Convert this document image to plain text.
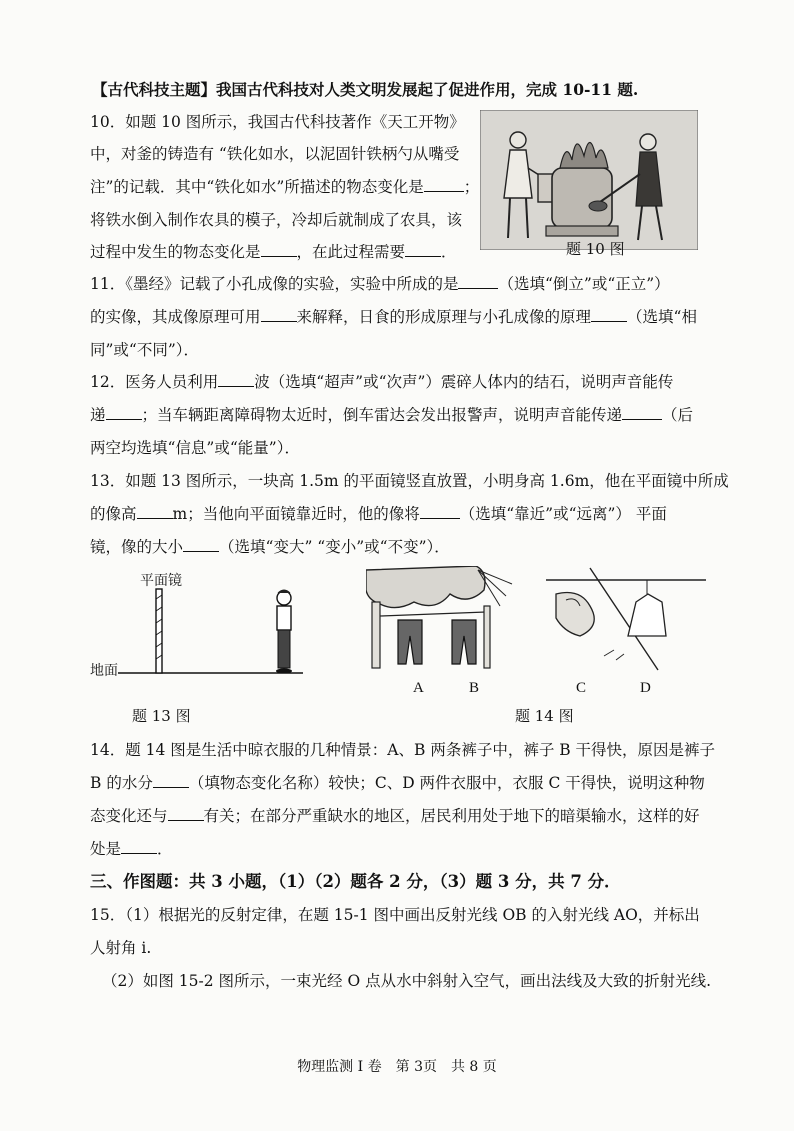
【古代科技主题】我国古代科技对人类文明发展起了促进作用，完成 10-11 题.
10．如题 10 图所示，我国古代科技著作《天工开物》
中，对釜的铸造有 “铁化如水，以泥固针铁柄勺从嘴受
注”的记载．其中“铁化如水”所描述的物态变化是	；
将铁水倒入制作农具的模子，冷却后就制成了农具，该
过程中发生的物态变化是 ，在此过程需要 ．	题 10 图
11．《墨经》记载了小孔成像的实验，实验中所成的是	（选填“倒立”或“正立”）
的实像，其成像原理可用 来解释，日食的形成原理与小孔成像的原理 （选填“相
同”或“不同”）．
12．医务人员利用 波（选填“超声”或“次声”）震碎人体内的结石，说明声音能传
递 ；当车辆距离障碍物太近时，倒车雷达会发出报警声，说明声音能传递	（后
两空均选填“信息”或“能量”）．
13．如题 13 图所示，一块高 1.5m 的平面镜竖直放置，小明身高 1.6m，他在平面镜中所成
的像高 m；当他向平面镜靠近时，他的像将	（选填“靠近”或“远离”） 平面
镜，像的大小 （选填“变大” “变小”或“不变”）．
平面镜
地面
题 13 图
A	B	C	D
题 14 图
14．题 14 图是生活中晾衣服的几种情景：A、B 两条裤子中，裤子 B 干得快，原因是裤子
B 的水分 （填物态变化名称）较快；C、D 两件衣服中，衣服 C 干得快，说明这种物
态变化还与 有关；在部分严重缺水的地区，居民利用处于地下的暗渠输水，这样的好
处是 ．
三、作图题：共 3 小题，（1）（2）题各 2 分，（3）题 3 分，共 7 分．
15．（1）根据光的反射定律，在题 15-1 图中画出反射光线 OB 的入射光线 AO，并标出
人射角 i.
（2）如图 15-2 图所示，一束光经 O 点从水中斜射入空气，画出法线及大致的折射光线.
物理监测 I 卷　第 3页　共 8 页
